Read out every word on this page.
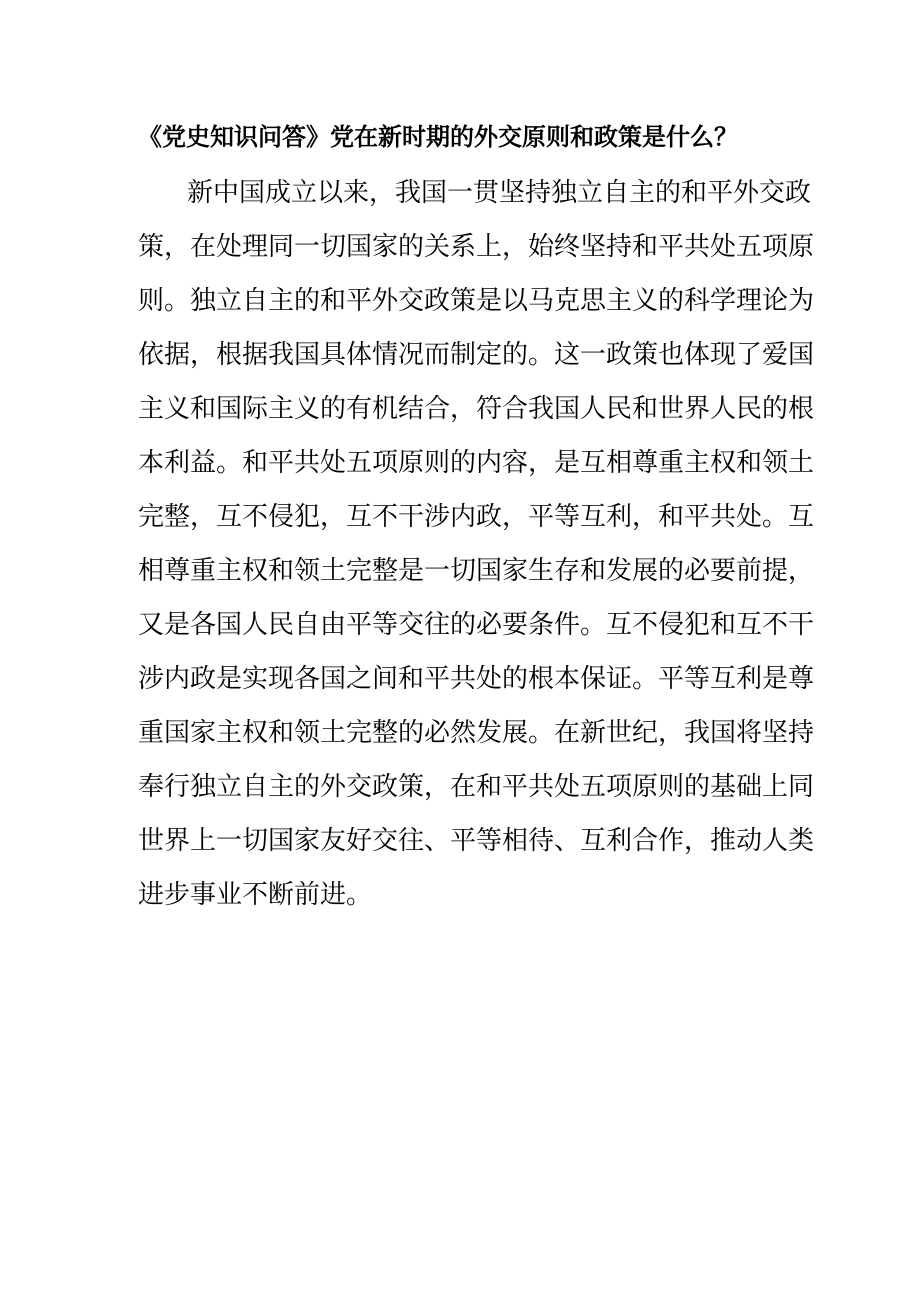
《党史知识问答》党在新时期的外交原则和政策是什么？
新中国成立以来，我国一贯坚持独立自主的和平外交政
策，在处理同一切国家的关系上，始终坚持和平共处五项原
则。独立自主的和平外交政策是以马克思主义的科学理论为
依据，根据我国具体情况而制定的。这一政策也体现了爱国
主义和国际主义的有机结合，符合我国人民和世界人民的根
本利益。和平共处五项原则的内容，是互相尊重主权和领土
完整，互不侵犯，互不干涉内政，平等互利，和平共处。互
相尊重主权和领土完整是一切国家生存和发展的必要前提，
又是各国人民自由平等交往的必要条件。互不侵犯和互不干
涉内政是实现各国之间和平共处的根本保证。平等互利是尊
重国家主权和领土完整的必然发展。在新世纪，我国将坚持
奉行独立自主的外交政策，在和平共处五项原则的基础上同
世界上一切国家友好交往、平等相待、互利合作，推动人类
进步事业不断前进。
